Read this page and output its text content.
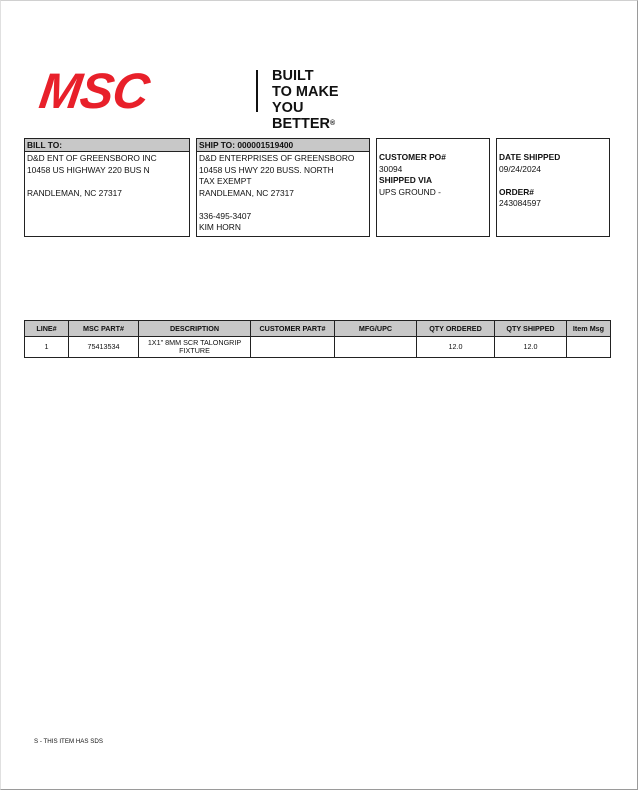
MSC	BUILT
TO MAKE
YOU BETTER®
BILL TO:
D&D ENT OF GREENSBORO INC
10458 US HIGHWAY 220 BUS N
RANDLEMAN, NC 27317
SHIP TO: 000001519400
D&D ENTERPRISES OF GREENSBORO
10458 US HWY 220 BUSS. NORTH
TAX EXEMPT
RANDLEMAN, NC 27317
336-495-3407
KIM HORN
CUSTOMER PO#
30094
SHIPPED VIA
UPS GROUND -
DATE SHIPPED
09/24/2024
ORDER#
243084597
LINE#	MSC PART#	DESCRIPTION	CUSTOMER PART#	MFG/UPC	QTY ORDERED	QTY SHIPPED	Item Msg
1	75413534	1X1" 8MM SCR TALONGRIP FIXTURE			12.0	12.0	
S - THIS ITEM HAS SDS
